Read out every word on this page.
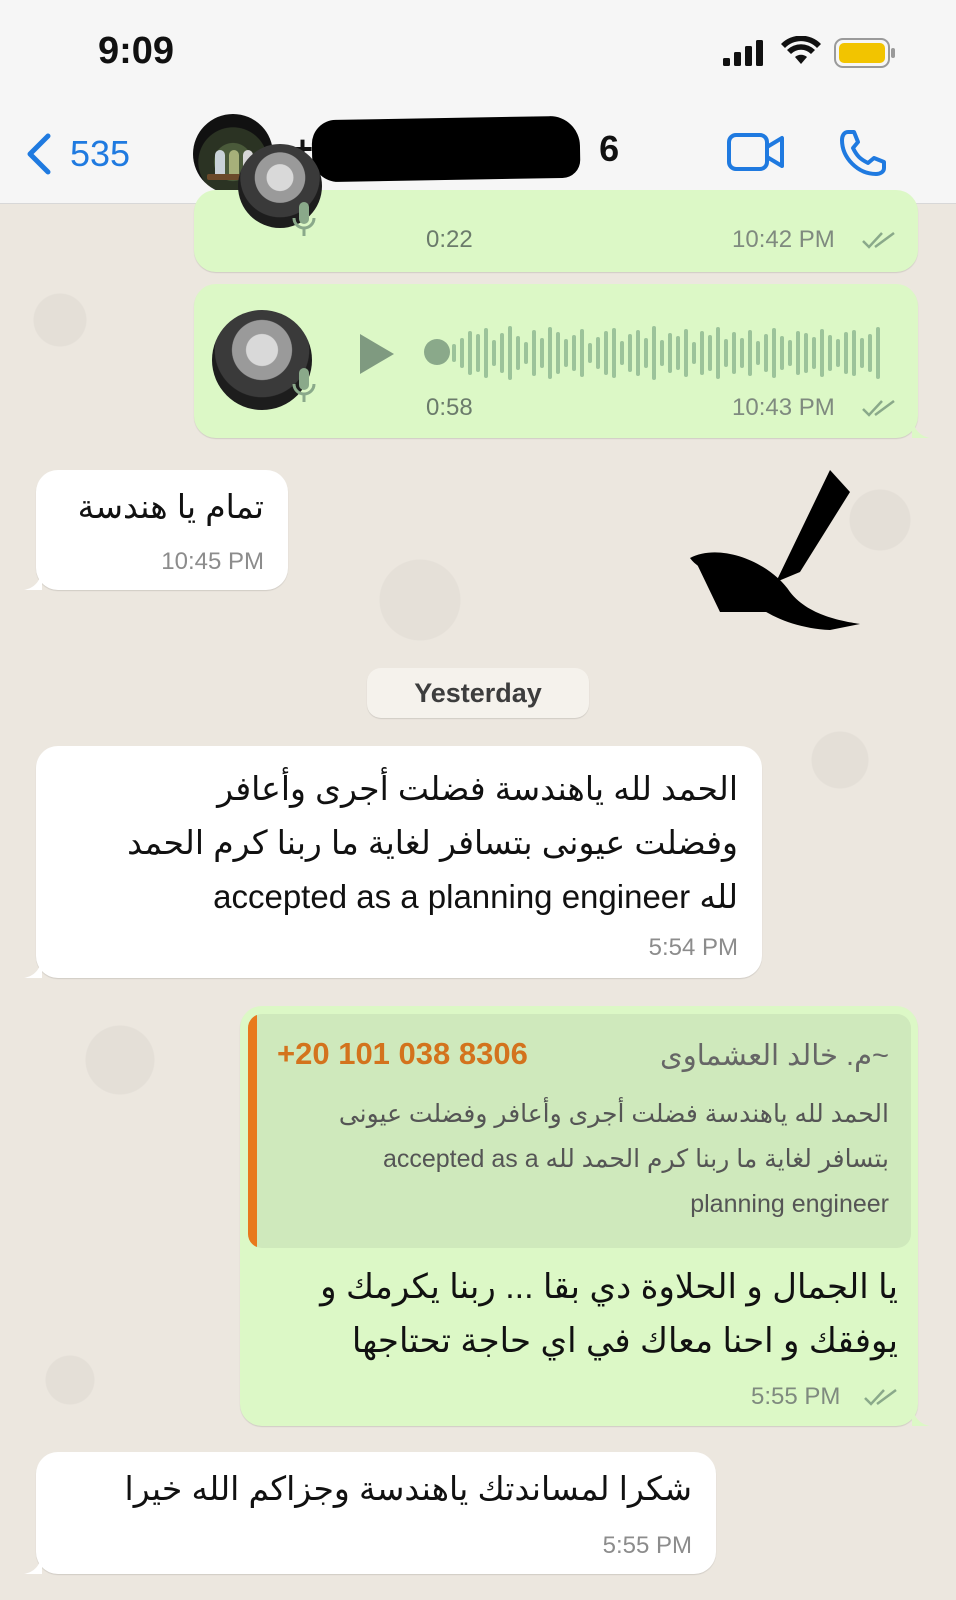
9:09
535	6
0:22	10:42 PM
0:58	10:43 PM
تمام يا هندسة
10:45 PM
Yesterday
الحمد لله ياهندسة فضلت أجرى وأعافر
وفضلت عيونى بتسافر لغاية ما ربنا كرم الحمد
لله accepted as a planning engineer
5:54 PM
+20 101 038 8306	~م. خالد العشماوى
الحمد لله ياهندسة فضلت أجرى وأعافر وفضلت عيونى
بتسافر لغاية ما ربنا كرم الحمد لله accepted as a
planning engineer
يا الجمال و الحلاوة دي بقا ... ربنا يكرمك و
يوفقك و احنا معاك في اي حاجة تحتاجها
5:55 PM
شكرا لمساندتك ياهندسة وجزاكم الله خيرا
5:55 PM
